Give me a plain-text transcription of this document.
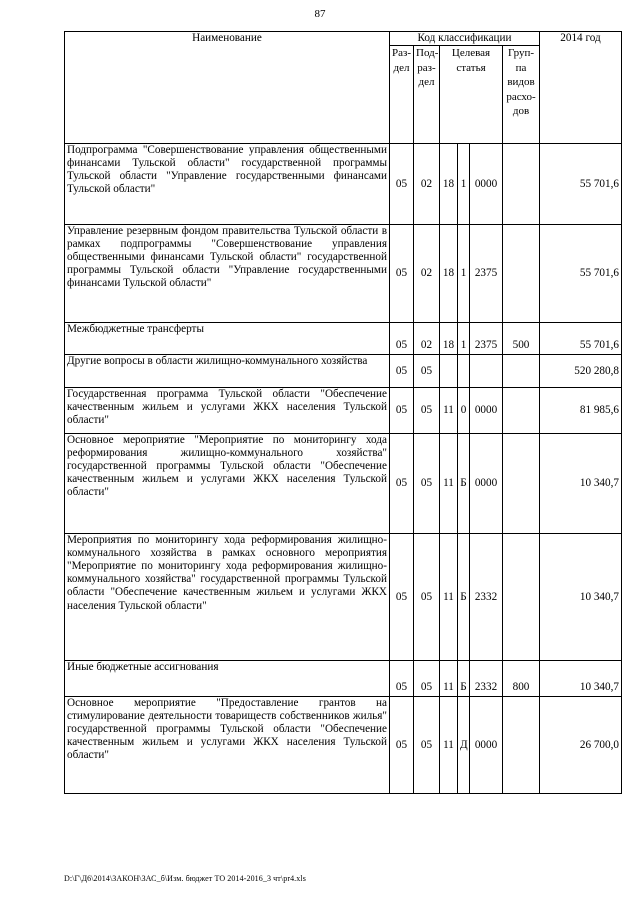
87
Наименование	Код классификации						2014 год
	Раз-дел	Под-раз-дел	Целевая статья			Груп-па видов расхо-дов	
Подпрограмма "Совершенствование управления общественными финансами Тульской области" государственной программы Тульской области "Управление государственными финансами Тульской области"	05	02	18	1	0000		55 701,6
Управление резервным фондом правительства Тульской области в рамках подпрограммы "Совершенствование управления общественными финансами Тульской области" государственной программы Тульской области "Управление государственными финансами Тульской области"	05	02	18	1	2375		55 701,6
Межбюджетные трансферты	05	02	18	1	2375	500	55 701,6
Другие вопросы в области жилищно-коммунального хозяйства	05	05					520 280,8
Государственная программа Тульской области "Обеспечение качественным жильем и услугами ЖКХ населения Тульской области"	05	05	11	0	0000		81 985,6
Основное мероприятие "Мероприятие по мониторингу хода реформирования жилищно-коммунального хозяйства" государственной программы Тульской области "Обеспечение качественным жильем и услугами ЖКХ населения Тульской области"	05	05	11	Б	0000		10 340,7
Мероприятия по мониторингу хода реформирования жилищно-коммунального хозяйства в рамках основного мероприятия "Мероприятие по мониторингу хода реформирования жилищно-коммунального хозяйства" государственной программы Тульской области "Обеспечение качественным жильем и услугами ЖКХ населения Тульской области"	05	05	11	Б	2332		10 340,7
Иные бюджетные ассигнования	05	05	11	Б	2332	800	10 340,7
Основное мероприятие "Предоставление грантов на стимулирование деятельности товариществ собственников жилья" государственной программы Тульской области "Обеспечение качественным жильем и услугами ЖКХ населения Тульской области"	05	05	11	Д	0000		26 700,0
D:\Г\Д6\2014\ЗАКОН\ЗАС_б\Изм. бюджет ТО 2014-2016_3 чт\pr4.xls
